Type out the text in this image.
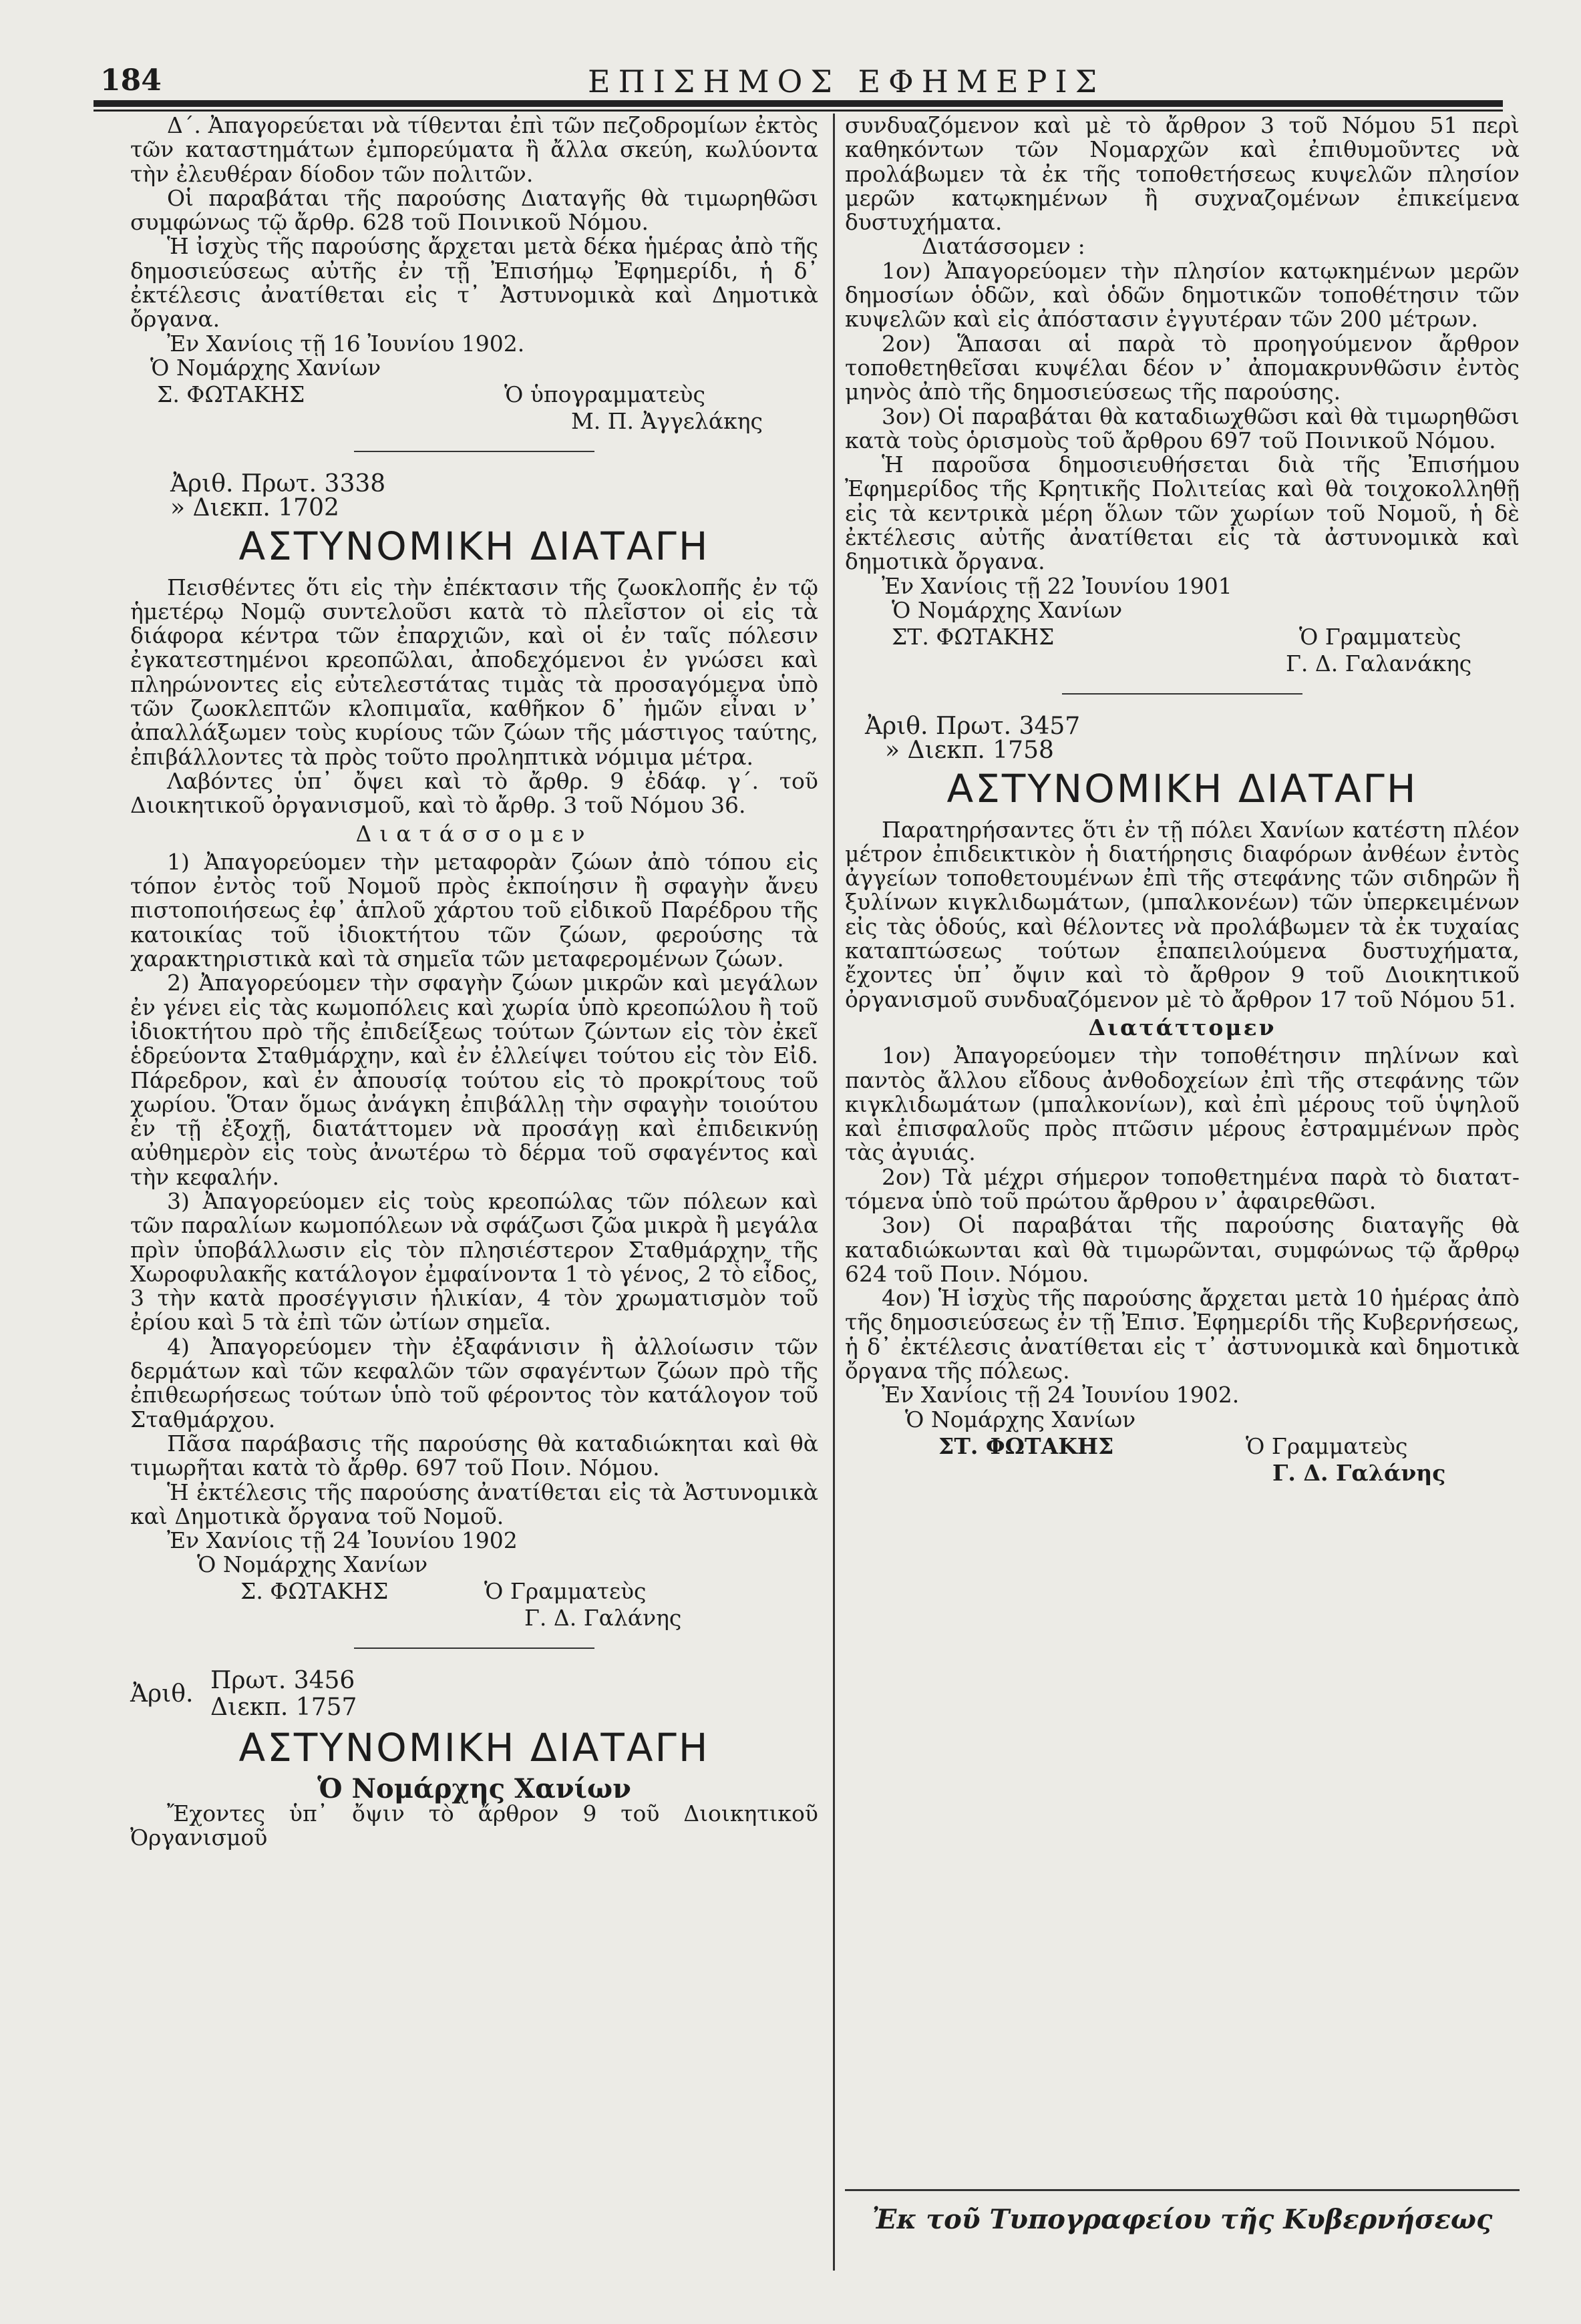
184	ΕΠΙΣΗΜΟΣ ΕΦΗΜΕΡΙΣ

Δ΄. Ἀπαγορεύεται νὰ τίθενται ἐπὶ τῶν πεζοδρομίων ἐκτὸς τῶν καταστημάτων ἐμπορεύματα ἢ ἄλλα σκεύη, κωλύοντα τὴν ἐλευθέραν δίοδον τῶν πολιτῶν.

Οἱ παραβάται τῆς παρούσης Διαταγῆς θὰ τιμωρηθῶσι συμφώνως τῷ ἄρθρ. 628 τοῦ Ποινικοῦ Νόμου.

Ἡ ἰσχὺς τῆς παρούσης ἄρχεται μετὰ δέκα ἡμέρας ἀπὸ τῆς δημοσιεύσεως αὐτῆς ἐν τῇ Ἐπισήμῳ Ἐφημερίδι, ἡ δ᾽ ἐκτέλεσις ἀνατίθεται εἰς τ᾽ Ἀστυνομικὰ καὶ Δημοτικὰ ὄργανα.

Ἐν Χανίοις τῇ 16 Ἰουνίου 1902.

Ὁ Νομάρχης Χανίων
Σ. ΦΩΤΑΚΗΣ	Ὁ ὑπογραμματεὺς
Μ. Π. Ἀγγελάκης

Ἀριθ. Πρωτ. 3338

» Διεκπ. 1702

ΑΣΤΥΝΟΜΙΚΗ ΔΙΑΤΑΓΗ

Πεισθέντες ὅτι εἰς τὴν ἐπέκτασιν τῆς ζωοκλοπῆς ἐν τῷ ἡμετέρῳ Νομῷ συντελοῦσι κατὰ τὸ πλεῖστον οἱ εἰς τὰ διάφορα κέντρα τῶν ἐπαρχιῶν, καὶ οἱ ἐν ταῖς πόλεσιν ἐγκατεστημένοι κρεοπῶλαι, ἀποδεχόμενοι ἐν γνώσει καὶ πληρώνοντες εἰς εὐτελεστάτας τιμὰς τὰ προσαγόμενα ὑπὸ τῶν ζωοκλεπτῶν κλοπιμαῖα, καθῆκον δ᾽ ἡμῶν εἶναι ν᾽ ἀπαλλάξωμεν τοὺς κυρίους τῶν ζώων τῆς μάστιγος ταύτης, ἐπιβάλλοντες τὰ πρὸς τοῦτο προληπτικὰ νόμιμα μέτρα.

Λαβόντες ὑπ᾽ ὄψει καὶ τὸ ἄρθρ. 9 ἐδάφ. γ΄. τοῦ Διοικητικοῦ ὀργανισμοῦ, καὶ τὸ ἄρθρ. 3 τοῦ Νόμου 36.

Διατάσσομεν

1) Ἀπαγορεύομεν τὴν μεταφορὰν ζώων ἀπὸ τόπου εἰς τόπον ἐντὸς τοῦ Νομοῦ πρὸς ἐκποίησιν ἢ σφαγὴν ἄνευ πιστοποιήσεως ἐφ᾽ ἁπλοῦ χάρτου τοῦ εἰδικοῦ Παρέδρου τῆς κατοικίας τοῦ ἰδιοκτήτου τῶν ζώων, φερούσης τὰ χαρακτηριστικὰ καὶ τὰ σημεῖα τῶν μεταφερομένων ζώων.

2) Ἀπαγορεύομεν τὴν σφαγὴν ζώων μικρῶν καὶ μεγάλων ἐν γένει εἰς τὰς κωμοπόλεις καὶ χωρία ὑπὸ κρεοπώλου ἢ τοῦ ἰδιοκτήτου πρὸ τῆς ἐπιδείξεως τούτων ζώντων εἰς τὸν ἐκεῖ ἑδρεύοντα Σταθμάρχην, καὶ ἐν ἐλλείψει τούτου εἰς τὸν Εἰδ. Πάρεδρον, καὶ ἐν ἀπουσίᾳ τούτου εἰς τὸ προκρίτους τοῦ χωρίου. Ὅταν ὅμως ἀνάγκη ἐπιβάλλῃ τὴν σφαγὴν τοιούτου ἐν τῇ ἐξοχῇ, διατάττομεν νὰ προσάγῃ καὶ ἐπιδεικνύῃ αὐθημερὸν εἰς τοὺς ἀνωτέρω τὸ δέρμα τοῦ σφαγέντος καὶ τὴν κεφαλήν.

3) Ἀπαγορεύομεν εἰς τοὺς κρεοπώλας τῶν πόλεων καὶ τῶν παραλίων κωμοπόλεων νὰ σφάζωσι ζῶα μικρὰ ἢ μεγάλα πρὶν ὑποβάλλωσιν εἰς τὸν πλησιέστερον Σταθμάρχην τῆς Χωροφυλακῆς κατάλογον ἐμφαίνοντα 1 τὸ γένος, 2 τὸ εἶδος, 3 τὴν κατὰ προσέγγισιν ἡλικίαν, 4 τὸν χρωματισμὸν τοῦ ἐρίου καὶ 5 τὰ ἐπὶ τῶν ὠτίων σημεῖα.

4) Ἀπαγορεύομεν τὴν ἐξαφάνισιν ἢ ἀλλοίωσιν τῶν δερμάτων καὶ τῶν κεφαλῶν τῶν σφαγέντων ζώων πρὸ τῆς ἐπιθεωρήσεως τούτων ὑπὸ τοῦ φέροντος τὸν κατάλογον τοῦ Σταθμάρχου.

Πᾶσα παράβασις τῆς παρούσης θὰ καταδιώκηται καὶ θὰ τιμωρῆται κατὰ τὸ ἄρθρ. 697 τοῦ Ποιν. Νόμου.

Ἡ ἐκτέλεσις τῆς παρούσης ἀνατίθεται εἰς τὰ Ἀστυνομικὰ καὶ Δημοτικὰ ὄργανα τοῦ Νομοῦ.

Ἐν Χανίοις τῇ 24 Ἰουνίου 1902

Ὁ Νομάρχης Χανίων
Σ. ΦΩΤΑΚΗΣ	Ὁ Γραμματεὺς
Γ. Δ. Γαλάνης
Ἀριθ. Πρωτ. 3456
Διεκπ. 1757
ΑΣΤΥΝΟΜΙΚΗ ΔΙΑΤΑΓΗ

Ὁ Νομάρχης Χανίων

Ἔχοντες ὑπ᾽ ὄψιν τὸ ἄρθρον 9 τοῦ Διοικητικοῦ Ὀργανισμοῦ

συνδυαζόμενον καὶ μὲ τὸ ἄρθρον 3 τοῦ Νόμου 51 περὶ καθηκόντων τῶν Νομαρχῶν καὶ ἐπιθυμοῦντες νὰ προλάβωμεν τὰ ἐκ τῆς τοποθετήσεως κυψελῶν πλησίον μερῶν κατῳκημένων ἢ συχναζομένων ἐπικείμενα δυστυχήματα.

Διατάσσομεν :

1ον) Ἀπαγορεύομεν τὴν πλησίον κατῳκημένων μερῶν δημοσίων ὁδῶν, καὶ ὁδῶν δημοτικῶν τοποθέτησιν τῶν κυψελῶν καὶ εἰς ἀπόστασιν ἐγγυτέραν τῶν 200 μέτρων.

2ον) Ἅπασαι αἱ παρὰ τὸ προηγούμενον ἄρθρον τοποθετηθεῖσαι κυψέλαι δέον ν᾽ ἀπομακρυνθῶσιν ἐντὸς μηνὸς ἀπὸ τῆς δημοσιεύσεως τῆς παρούσης.

3ον) Οἱ παραβάται θὰ καταδιωχθῶσι καὶ θὰ τιμωρηθῶσι κατὰ τοὺς ὁρισμοὺς τοῦ ἄρθρου 697 τοῦ Ποινικοῦ Νόμου.

Ἡ παροῦσα δημοσιευθήσεται διὰ τῆς Ἐπισήμου Ἐφημερίδος τῆς Κρητικῆς Πολιτείας καὶ θὰ τοιχοκολληθῇ εἰς τὰ κεντρικὰ μέρη ὅλων τῶν χωρίων τοῦ Νομοῦ, ἡ δὲ ἐκτέλεσις αὐτῆς ἀνατίθεται εἰς τὰ ἀστυνομικὰ καὶ δημοτικὰ ὄργανα.

Ἐν Χανίοις τῇ 22 Ἰουνίου 1901

Ὁ Νομάρχης Χανίων
ΣΤ. ΦΩΤΑΚΗΣ	Ὁ Γραμματεὺς
Γ. Δ. Γαλανάκης

Ἀριθ. Πρωτ. 3457

» Διεκπ. 1758

ΑΣΤΥΝΟΜΙΚΗ ΔΙΑΤΑΓΗ

Παρατηρήσαντες ὅτι ἐν τῇ πόλει Χανίων κατέστη πλέον μέτρον ἐπιδεικτικὸν ἡ διατήρησις διαφόρων ἀνθέων ἐντὸς ἀγγείων τοποθετουμένων ἐπὶ τῆς στεφάνης τῶν σιδηρῶν ἢ ξυλίνων κιγκλιδωμάτων, (μπαλκονέων) τῶν ὑπερκειμένων εἰς τὰς ὁδούς, καὶ θέλοντες νὰ προλάβωμεν τὰ ἐκ τυχαίας καταπτώσεως τούτων ἐπαπειλούμενα δυστυχήματα, ἔχοντες ὑπ᾽ ὄψιν καὶ τὸ ἄρθρον 9 τοῦ Διοικητικοῦ ὀργανισμοῦ συνδυαζόμενον μὲ τὸ ἄρθρον 17 τοῦ Νόμου 51.

Διατάττομεν

1ον) Ἀπαγορεύομεν τὴν τοποθέτησιν πηλίνων καὶ παντὸς ἄλλου εἴδους ἀνθοδοχείων ἐπὶ τῆς στεφάνης τῶν κιγκλιδωμάτων (μπαλκονίων), καὶ ἐπὶ μέρους τοῦ ὑψηλοῦ καὶ ἐπισφαλοῦς πρὸς πτῶσιν μέρους ἐστραμμένων πρὸς τὰς ἀγυιάς.

2ον) Τὰ μέχρι σήμερον τοποθετημένα παρὰ τὸ διαταττόμενα ὑπὸ τοῦ πρώτου ἄρθρου ν᾽ ἀφαιρεθῶσι.

3ον) Οἱ παραβάται τῆς παρούσης διαταγῆς θὰ καταδιώκωνται καὶ θὰ τιμωρῶνται, συμφώνως τῷ ἄρθρῳ 624 τοῦ Ποιν. Νόμου.

4ον) Ἡ ἰσχὺς τῆς παρούσης ἄρχεται μετὰ 10 ἡμέρας ἀπὸ τῆς δημοσιεύσεως ἐν τῇ Ἐπισ. Ἐφημερίδι τῆς Κυβερνήσεως, ἡ δ᾽ ἐκτέλεσις ἀνατίθεται εἰς τ᾽ ἀστυνομικὰ καὶ δημοτικὰ ὄργανα τῆς πόλεως.

Ἐν Χανίοις τῇ 24 Ἰουνίου 1902.

Ὁ Νομάρχης Χανίων
ΣΤ. ΦΩΤΑΚΗΣ	Ὁ Γραμματεὺς
Γ. Δ. Γαλάνης
Ἐκ τοῦ Τυπογραφείου τῆς Κυβερνήσεως
